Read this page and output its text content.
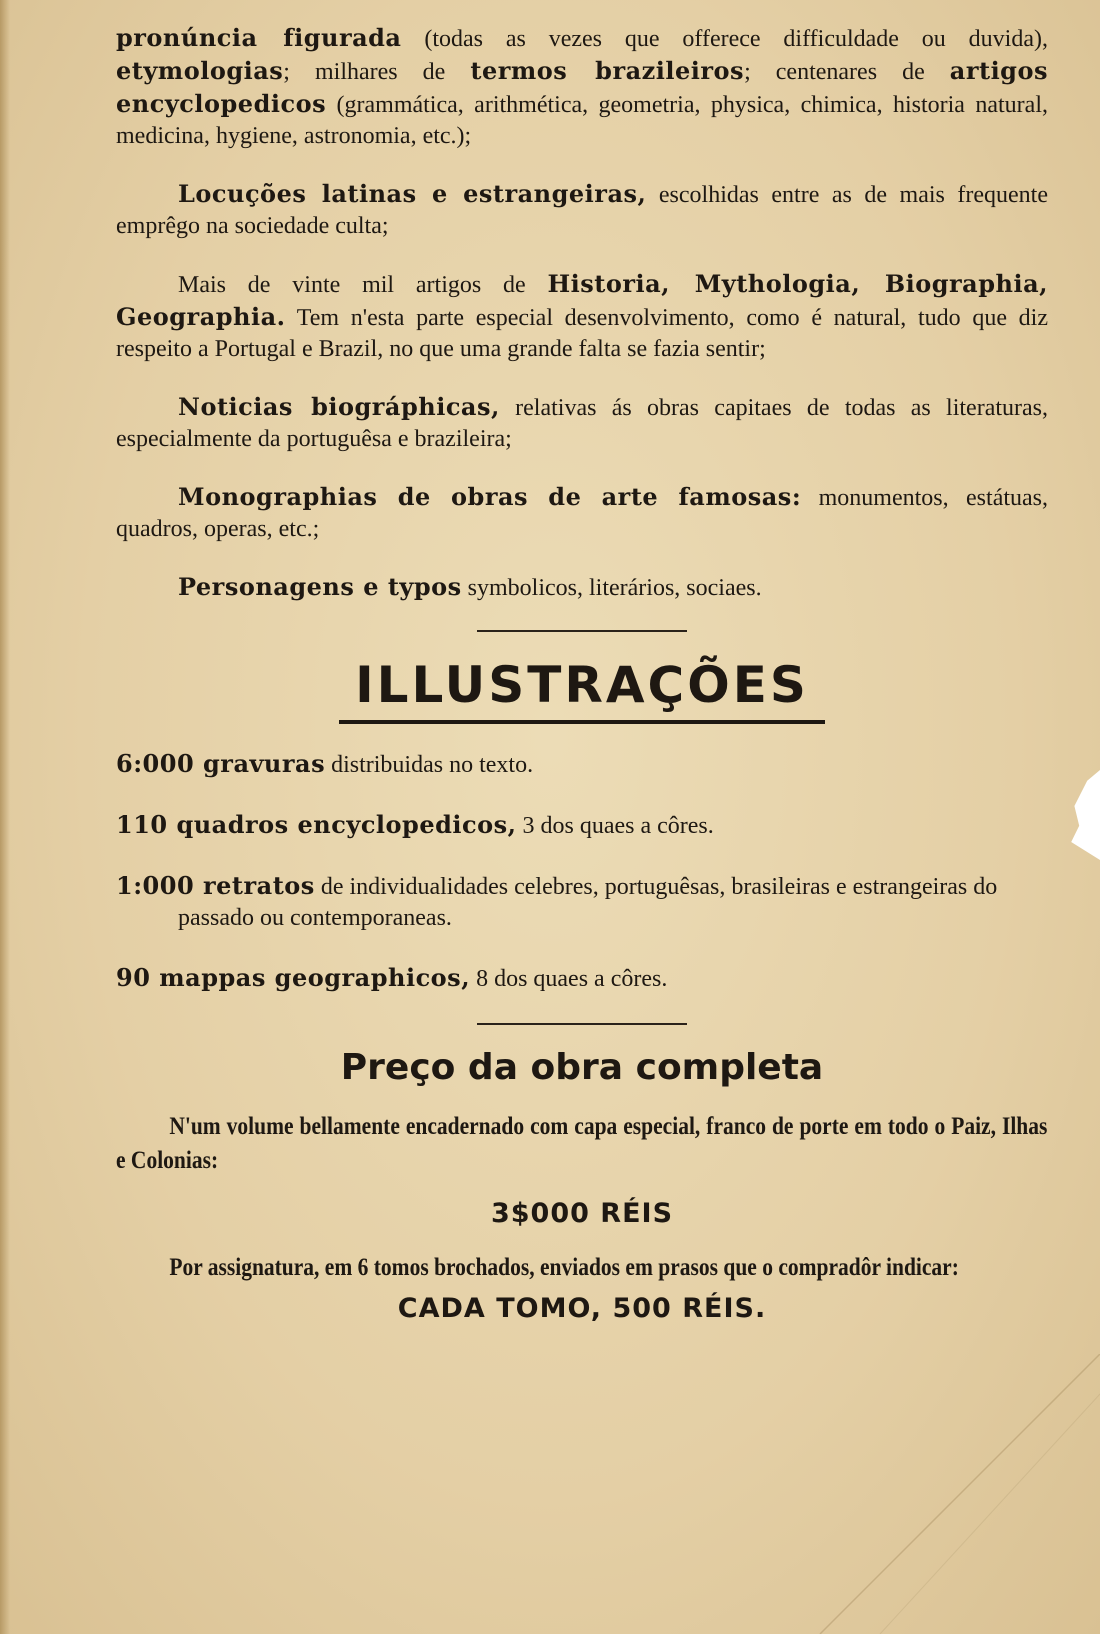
pronúncia figurada (todas as vezes que offerece difficuldade ou duvida), etymologias; milhares de termos brazileiros; centenares de artigos encyclopedicos (grammática, arithmética, geometria, physica, chimica, historia natural, medicina, hygiene, astronomia, etc.);

Locuções latinas e estrangeiras, escolhidas entre as de mais frequente emprêgo na sociedade culta;

Mais de vinte mil artigos de Historia, Mythologia, Biographia, Geographia. Tem n'esta parte especial desenvolvimento, como é natural, tudo que diz respeito a Portugal e Brazil, no que uma grande falta se fazia sentir;

Noticias biográphicas, relativas ás obras capitaes de todas as literaturas, especialmente da portuguêsa e brazileira;

Monographias de obras de arte famosas: monumentos, estátuas, quadros, operas, etc.;

Personagens e typos symbolicos, literários, sociaes.

ILLUSTRAÇÕES

6:000 gravuras distribuidas no texto.

110 quadros encyclopedicos, 3 dos quaes a côres.

1:000 retratos de individualidades celebres, portuguêsas, brasileiras e estrangeiras do passado ou contemporaneas.

90 mappas geographicos, 8 dos quaes a côres.

Preço da obra completa

N'um volume bellamente encadernado com capa especial, franco de porte em todo o Paiz, Ilhas e Colonias:

3$000 RÉIS

Por assignatura, em 6 tomos brochados, enviados em prasos que o compradôr indicar:

CADA TOMO, 500 RÉIS.
